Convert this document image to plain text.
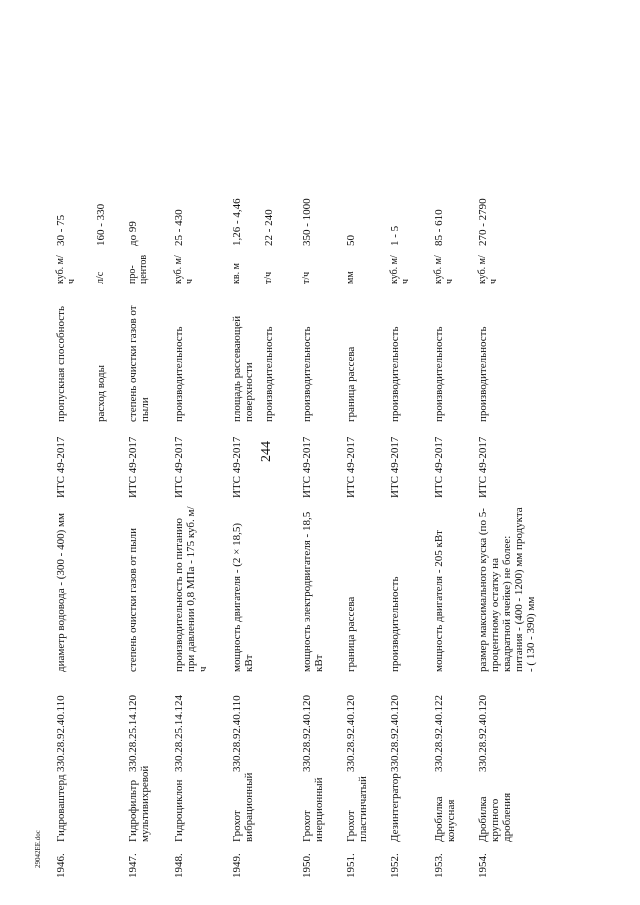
244
29042ЕЕ.doc 1946.
Гидроваштерд
330.28.92.40.110
диаметр водовода - (300 - 400) мм
ИТС 49-2017
пропускная способность
куб. м/ч
30 - 75
расход воды
л/с
160 - 330
1947.
Гидрофильтр мультивихревой
330.28.25.14.120
степень очистки газов от пыли
ИТС 49-2017
степень очистки газов от пыли
про- центов
до 99
1948.
Гидроциклон
330.28.25.14.124
производительность по питанию при давлении 0,8 МПа - 175 куб. м/ч
ИТС 49-2017
производительность
куб. м/ч
25 - 430
1949.
Грохот вибрационный
330.28.92.40.110
мощность двигателя - (2 × 18,5) кВт
ИТС 49-2017
площадь рассевающей поверхности
кв. м
1,26 - 4,46
производительность
т/ч
22 - 240
1950.
Грохот инерционный
330.28.92.40.120
мощность электродвигателя - 18,5 кВт
ИТС 49-2017
производительность
т/ч
350 - 1000
1951.
Грохот пластинчатый
330.28.92.40.120
граница рассева
ИТС 49-2017
граница рассева
мм
50
1952.
Дезинтегратор
330.28.92.40.120
производительность
ИТС 49-2017
производительность
куб. м/ч
1 - 5
1953.
Дробилка конусная
330.28.92.40.122
мощность двигателя - 205 кВт
ИТС 49-2017
производительность
куб. м/ч
85 - 610
1954.
Дробилка крупного дробления
330.28.92.40.120
размер максимального куска (по 5-процентному остатку на квадратной ячейке) не более: питания - (400 - 1200) мм продукта - ( 130 - 390) мм
ИТС 49-2017
производительность
куб. м/ч
270 - 2790
